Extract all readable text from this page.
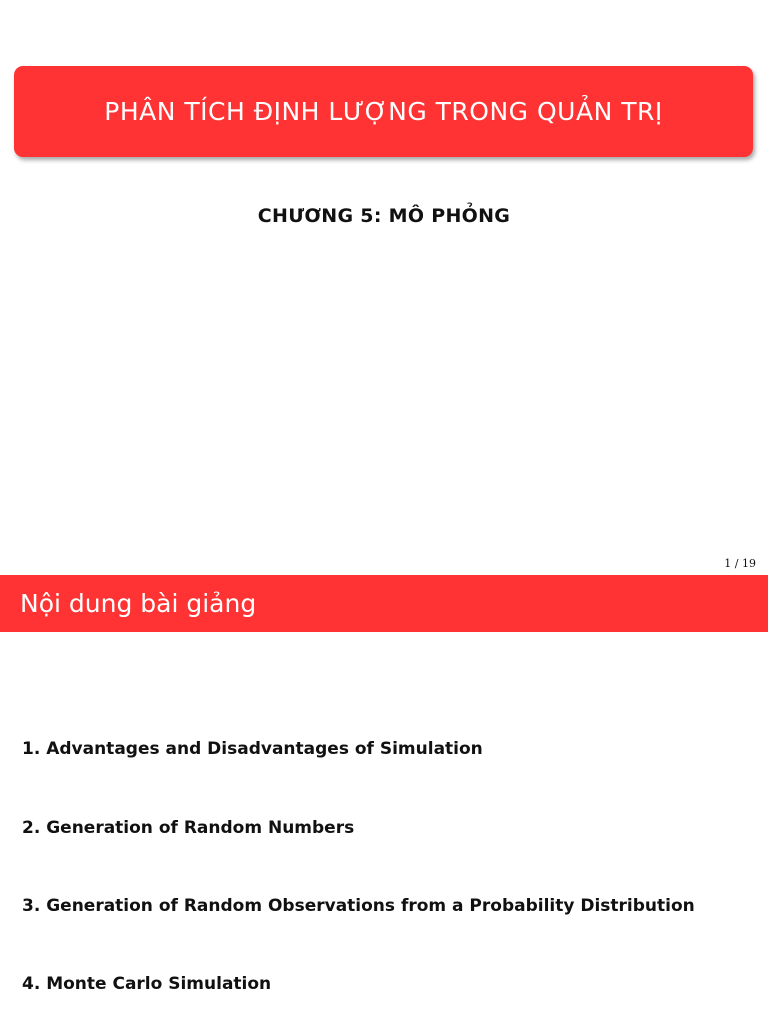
PHÂN TÍCH ĐỊNH LƯỢNG TRONG QUẢN TRỊ
CHƯƠNG 5: MÔ PHỎNG
1 / 19
Nội dung bài giảng
1. Advantages and Disadvantages of Simulation
2. Generation of Random Numbers
3. Generation of Random Observations from a Probability Distribution
4. Monte Carlo Simulation
